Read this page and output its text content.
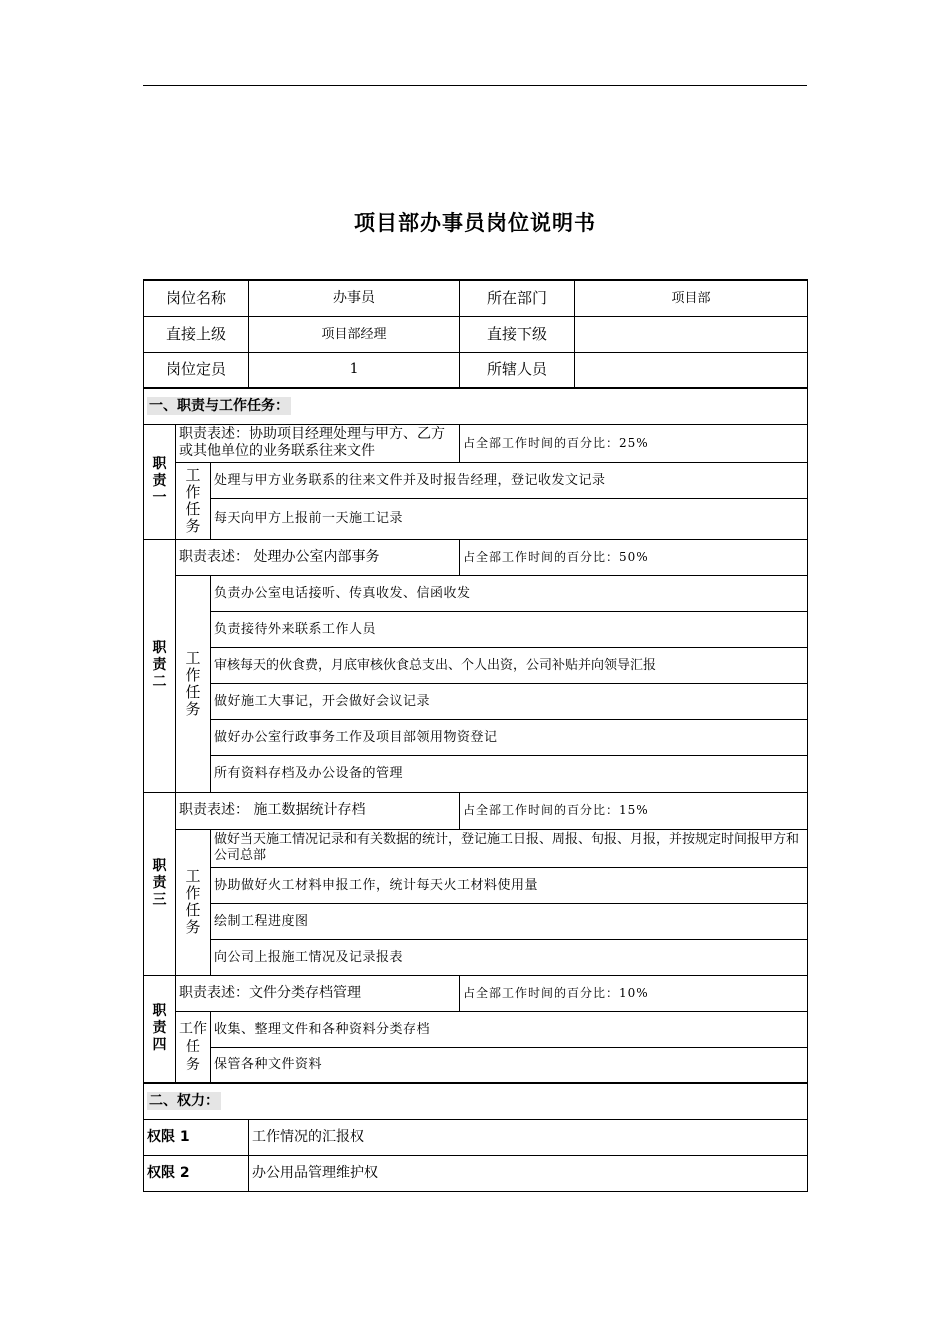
项目部办事员岗位说明书
岗位名称			办事员	所在部门	项目部
直接上级			项目部经理	直接下级	
岗位定员			1	所辖人员	
一、职责与工作任务：					

职
责
一	职责表述：协助项目经理处理与甲方、乙方或其他单位的业务联系往来文件			占全部工作时间的百分比：25%	

	工
作
任
务	处理与甲方业务联系的往来文件并及时报告经理，登记收发文记录			
		每天向甲方上报前一天施工记录			

职
责
二	职责表述： 处理办公室内部事务			占全部工作时间的百分比：50%	

	工
作
任
务	负责办公室电话接听、传真收发、信函收发			
		负责接待外来联系工作人员			
		审核每天的伙食费，月底审核伙食总支出、个人出资，公司补贴并向领导汇报			
		做好施工大事记，开会做好会议记录			
		做好办公室行政事务工作及项目部领用物资登记			
		所有资料存档及办公设备的管理			

职
责
三	职责表述： 施工数据统计存档			占全部工作时间的百分比：15%	

	工
作
任
务	做好当天施工情况记录和有关数据的统计，登记施工日报、周报、旬报、月报，并按规定时间报甲方和公司总部			
		协助做好火工材料申报工作，统计每天火工材料使用量			
		绘制工程进度图			
		向公司上报施工情况及记录报表			

职
责
四	职责表述：文件分类存档管理			占全部工作时间的百分比：10%	

	工作
任
务	收集、整理文件和各种资料分类存档			
		保管各种文件资料			
二、权力：					
权限 1			工作情况的汇报权		
权限 2			办公用品管理维护权		
